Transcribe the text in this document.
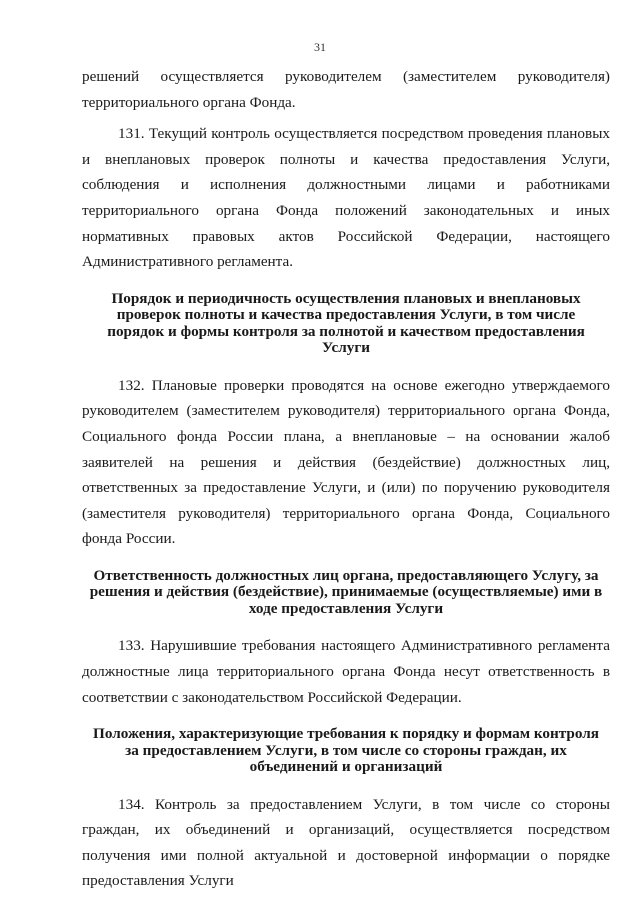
31

решений осуществляется руководителем (заместителем руководителя) территориального органа Фонда.

131. Текущий контроль осуществляется посредством проведения плановых и внеплановых проверок полноты и качества предоставления Услуги, соблюдения и исполнения должностными лицами и работниками территориального органа Фонда положений законодательных и иных нормативных правовых актов Российской Федерации, настоящего Административного регламента.

Порядок и периодичность осуществления плановых и внеплановых проверок полноты и качества предоставления Услуги, в том числе порядок и формы контроля за полнотой и качеством предоставления Услуги

132. Плановые проверки проводятся на основе ежегодно утверждаемого руководителем (заместителем руководителя) территориального органа Фонда, Социального фонда России плана, а внеплановые – на основании жалоб заявителей на решения и действия (бездействие) должностных лиц, ответственных за предоставление Услуги, и (или) по поручению руководителя (заместителя руководителя) территориального органа Фонда, Социального фонда России.

Ответственность должностных лиц органа, предоставляющего Услугу, за решения и действия (бездействие), принимаемые (осуществляемые) ими в ходе предоставления Услуги

133. Нарушившие требования настоящего Административного регламента должностные лица территориального органа Фонда несут ответственность в соответствии с законодательством Российской Федерации.

Положения, характеризующие требования к порядку и формам контроля за предоставлением Услуги, в том числе со стороны граждан, их объединений и организаций

134. Контроль за предоставлением Услуги, в том числе со стороны граждан, их объединений и организаций, осуществляется посредством получения ими полной актуальной и достоверной информации о порядке предоставления Услуги
